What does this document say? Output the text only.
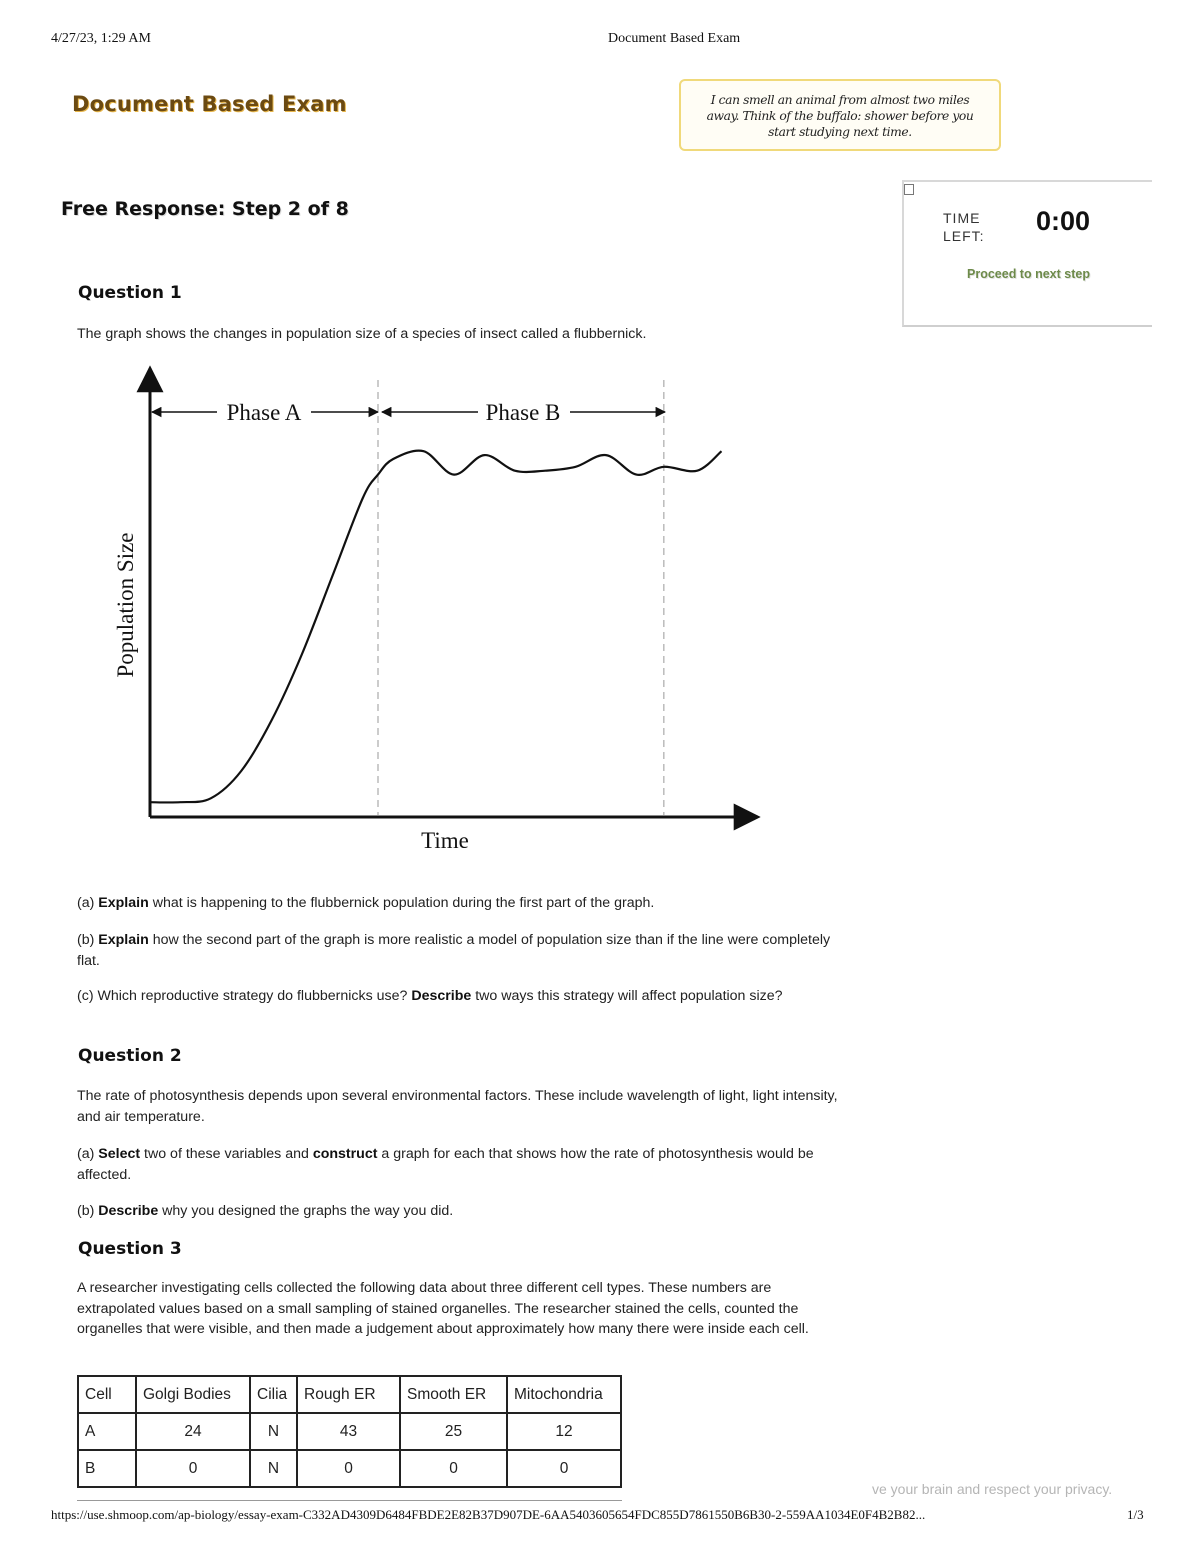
4/27/23, 1:29 AM	Document Based Exam
Document Based Exam	I can smell an animal from almost two miles away. Think of the buffalo: shower before you start studying next time.
Free Response: Step 2 of 8	TIME LEFT:	0:00
Proceed to next step
Question 1
The graph shows the changes in population size of a species of insect called a flubbernick.
Phase A	Phase B
Time
Population Size
(a) Explain what is happening to the flubbernick population during the first part of the graph.
(b) Explain how the second part of the graph is more realistic a model of population size than if the line were completely flat.
(c) Which reproductive strategy do flubbernicks use? Describe two ways this strategy will affect population size?
Question 2
The rate of photosynthesis depends upon several environmental factors. These include wavelength of light, light intensity, and air temperature.
(a) Select two of these variables and construct a graph for each that shows how the rate of photosynthesis would be affected.
(b) Describe why you designed the graphs the way you did.
Question 3
A researcher investigating cells collected the following data about three different cell types. These numbers are extrapolated values based on a small sampling of stained organelles. The researcher stained the cells, counted the organelles that were visible, and then made a judgement about approximately how many there were inside each cell.
Cell	Golgi Bodies	Cilia	Rough ER	Smooth ER	Mitochondria
A	24	N	43	25	12
B	0	N	0	0	0
ve your brain and respect your privacy.
https://use.shmoop.com/ap-biology/essay-exam-C332AD4309D6484FBDE2E82B37D907DE-6AA5403605654FDC855D7861550B6B30-2-559AA1034E0F4B2B82...	1/3
